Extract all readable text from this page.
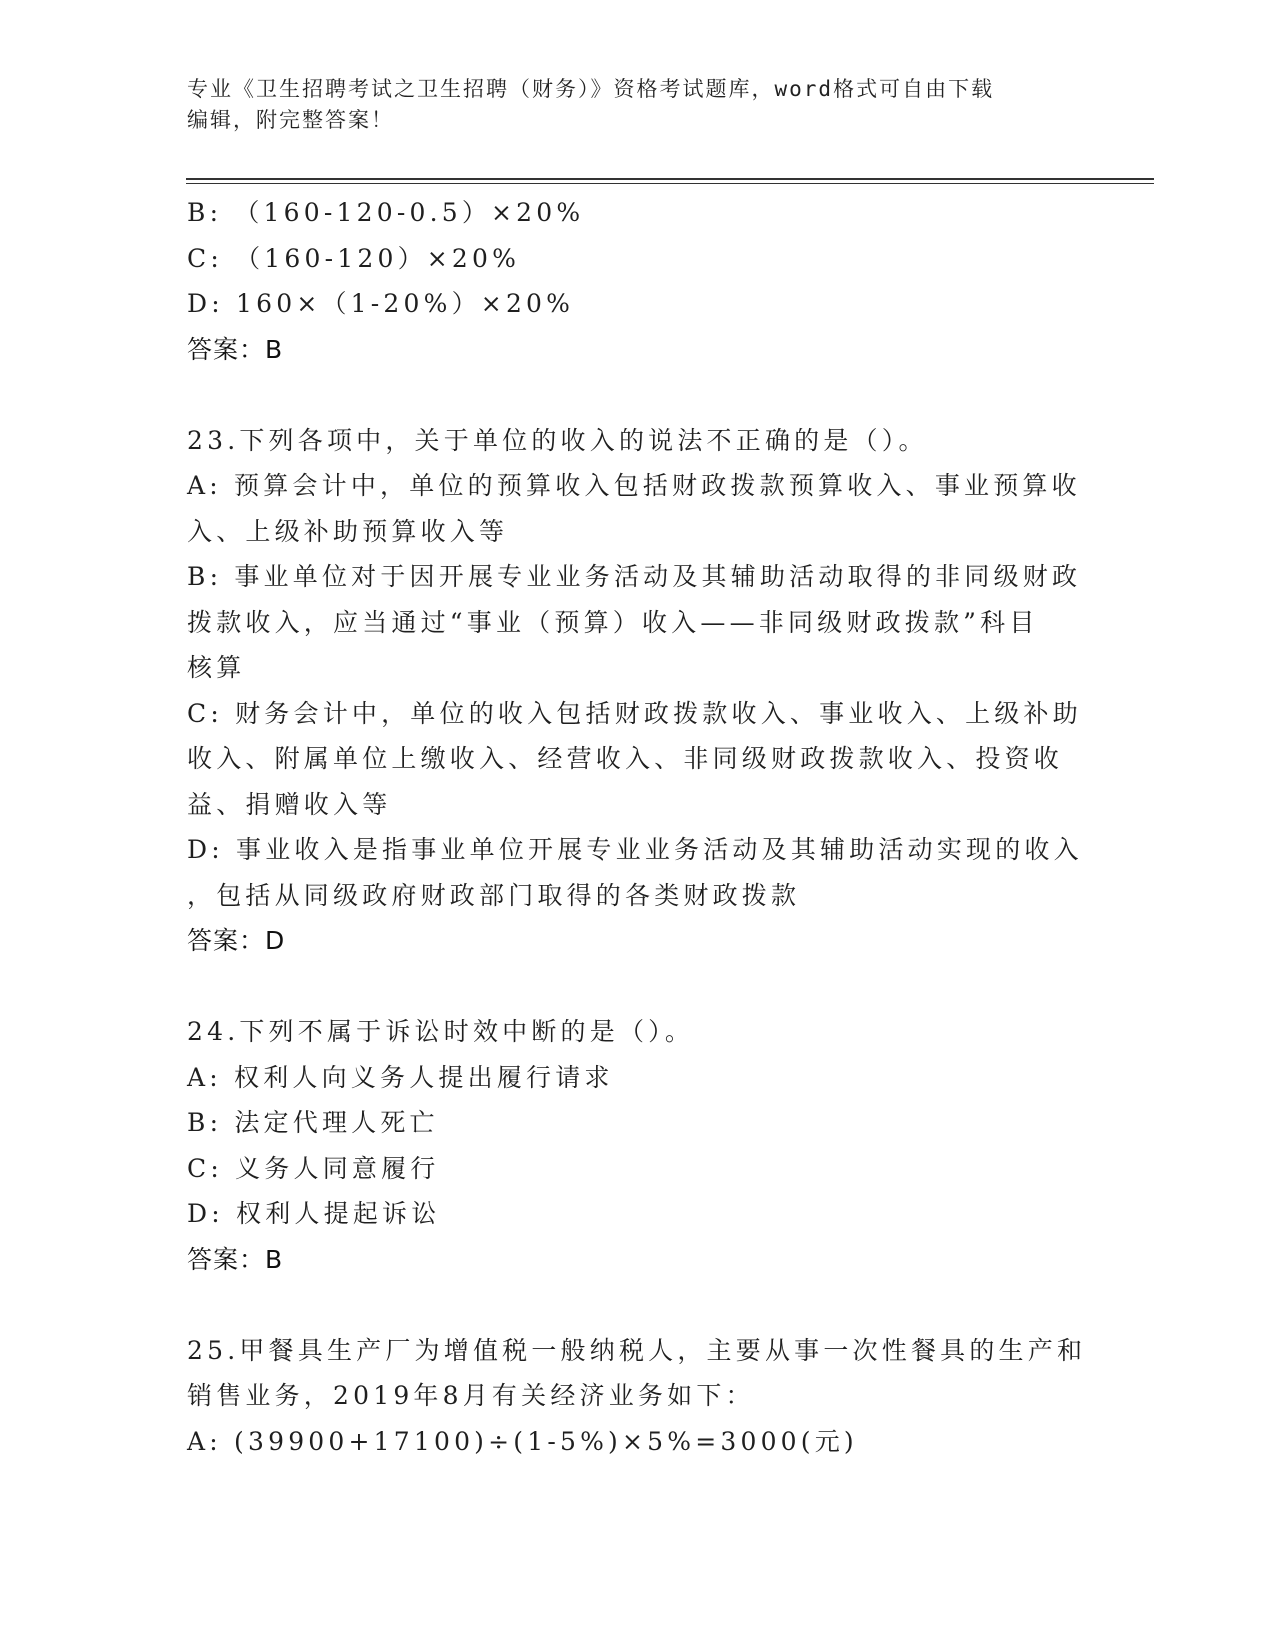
专业《卫生招聘考试之卫生招聘（财务）》资格考试题库，word格式可自由下载
编辑，附完整答案！
B: （160-120-0.5）×20%
C: （160-120）×20%
D: 160×（1-20%）×20%
答案：B
23.下列各项中，关于单位的收入的说法不正确的是（）。
A: 预算会计中，单位的预算收入包括财政拨款预算收入、事业预算收
入、上级补助预算收入等
B: 事业单位对于因开展专业业务活动及其辅助活动取得的非同级财政
拨款收入，应当通过“事业（预算）收入——非同级财政拨款”科目
核算
C: 财务会计中，单位的收入包括财政拨款收入、事业收入、上级补助
收入、附属单位上缴收入、经营收入、非同级财政拨款收入、投资收
益、捐赠收入等
D: 事业收入是指事业单位开展专业业务活动及其辅助活动实现的收入
，包括从同级政府财政部门取得的各类财政拨款
答案：D
24.下列不属于诉讼时效中断的是（）。
A: 权利人向义务人提出履行请求
B: 法定代理人死亡
C: 义务人同意履行
D: 权利人提起诉讼
答案：B
25.甲餐具生产厂为增值税一般纳税人，主要从事一次性餐具的生产和
销售业务，2019年8月有关经济业务如下：
A: (39900+17100)÷(1-5%)×5%=3000(元)
